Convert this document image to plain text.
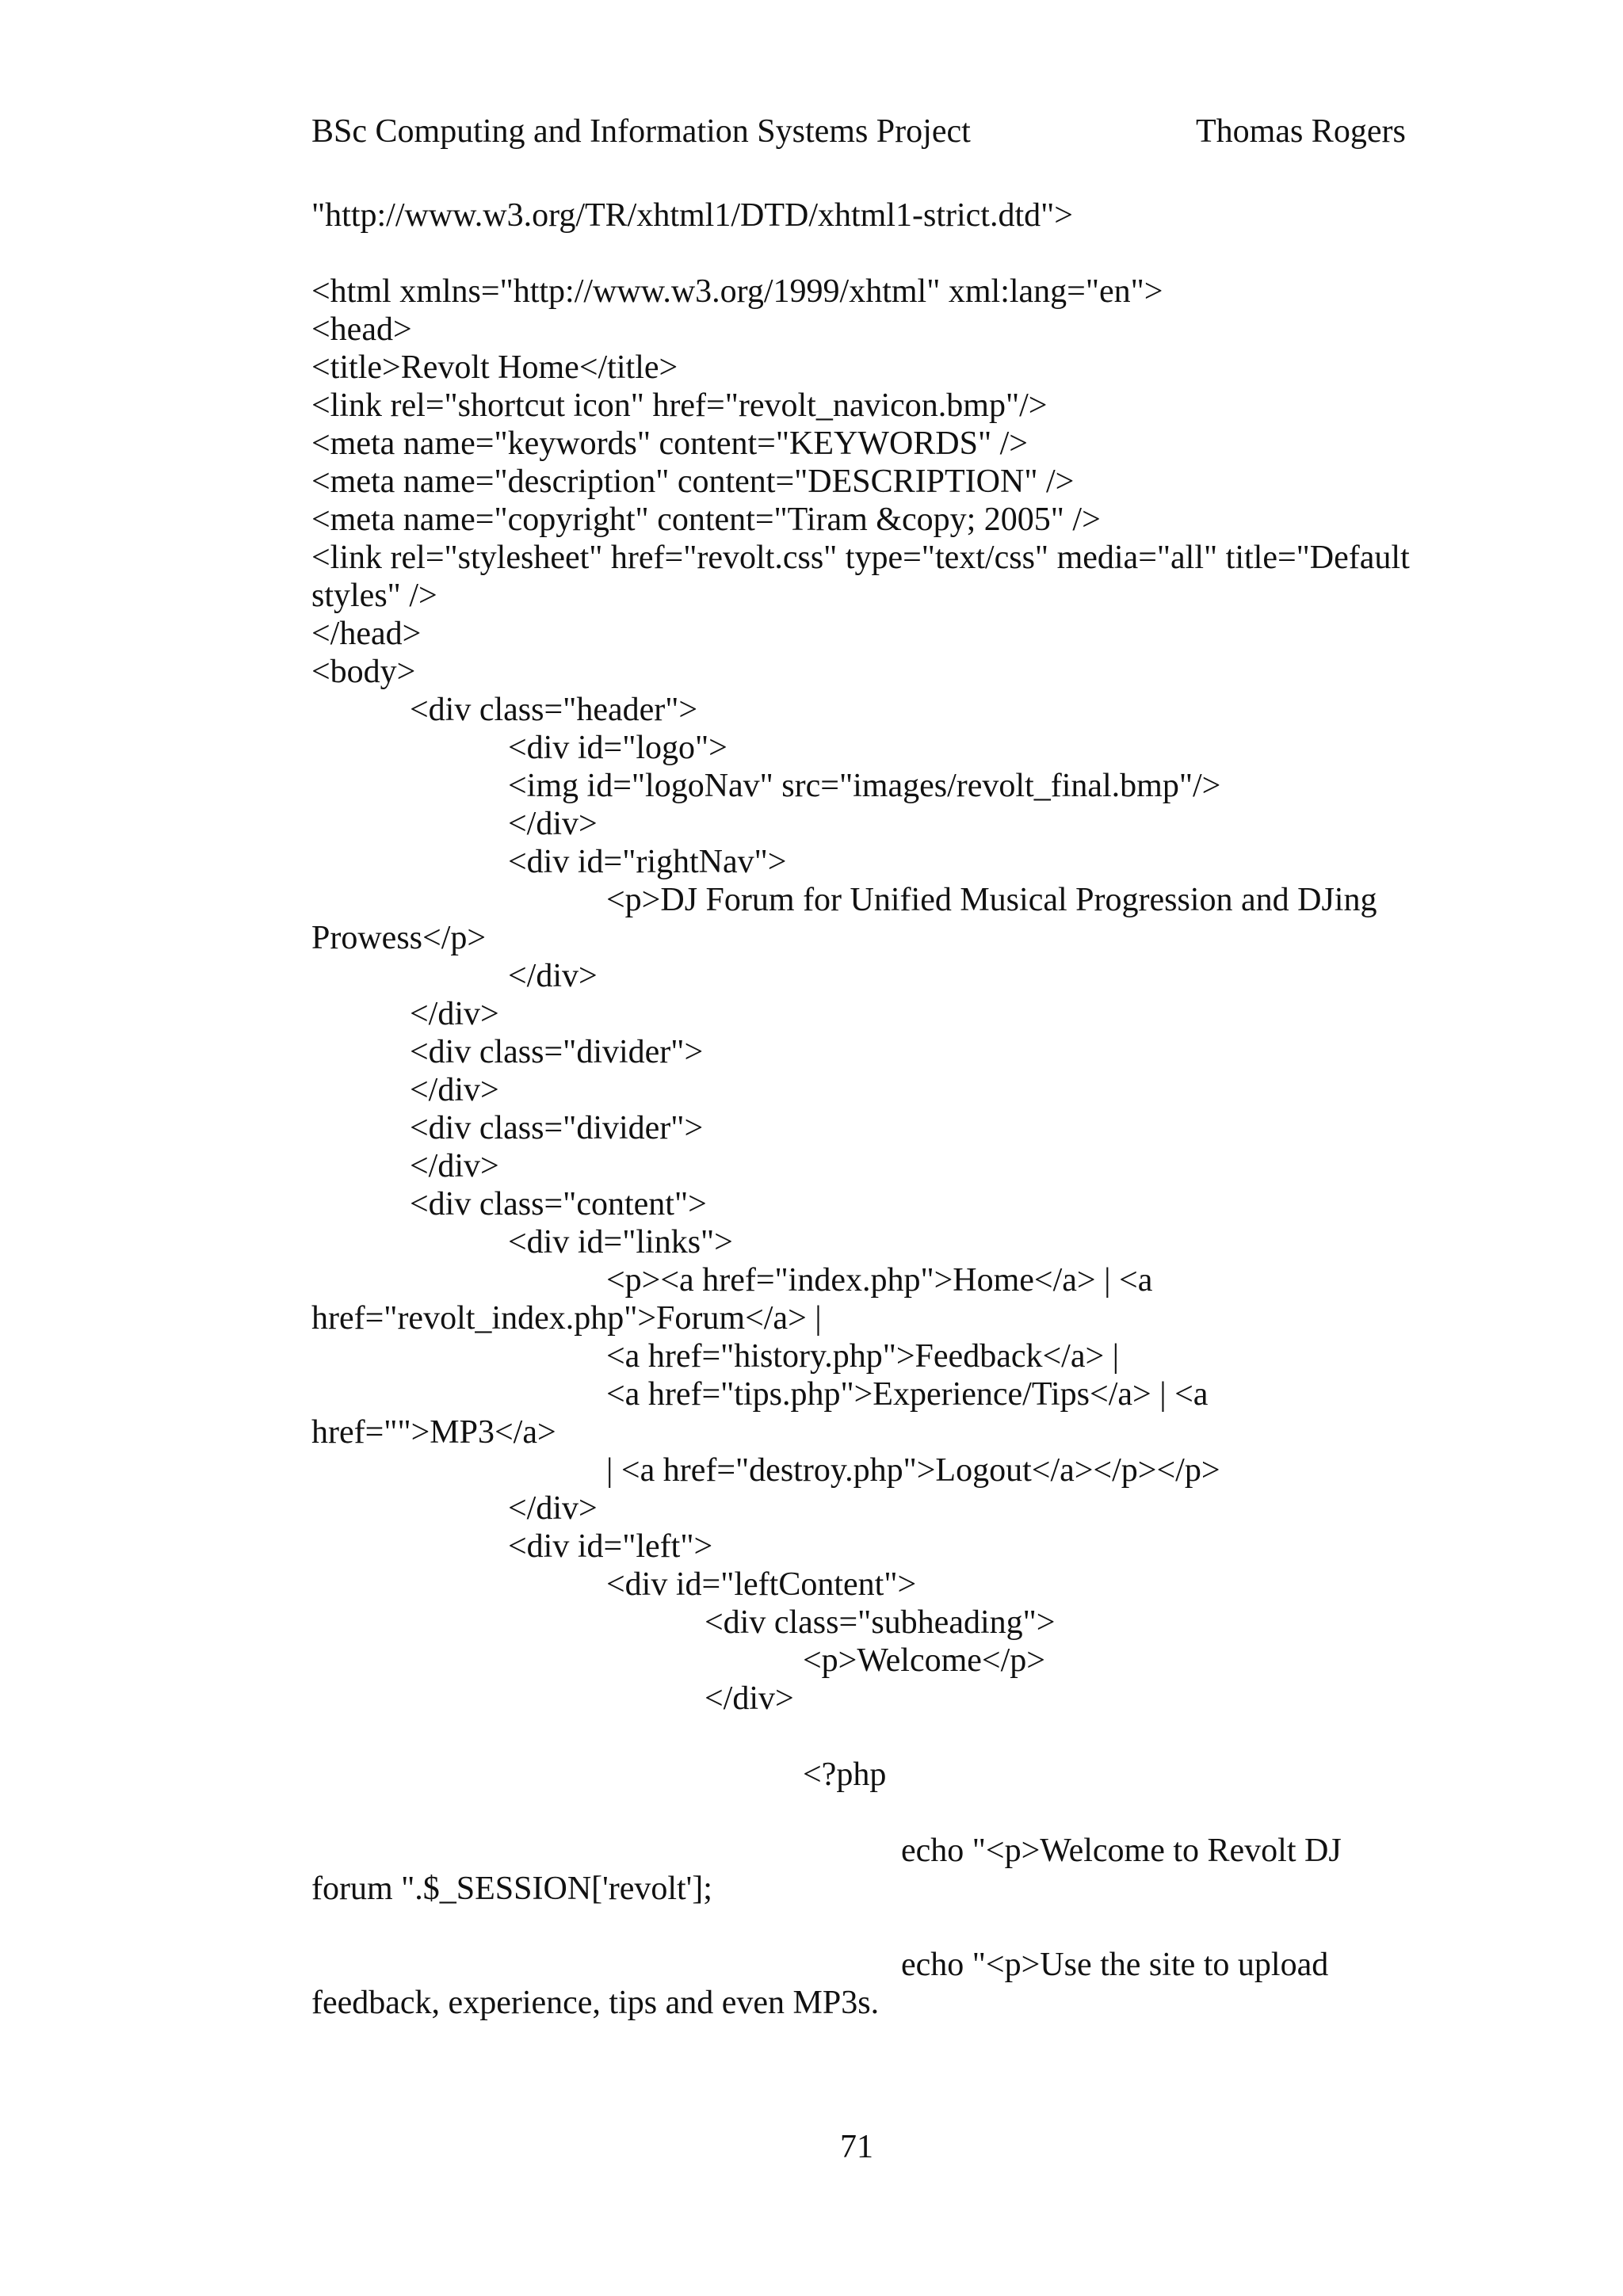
BSc Computing and Information Systems Project	Thomas Rogers
"http://www.w3.org/TR/xhtml1/DTD/xhtml1-strict.dtd">
<html xmlns="http://www.w3.org/1999/xhtml" xml:lang="en">
<head>
<title>Revolt Home</title>
<link rel="shortcut icon" href="revolt_navicon.bmp"/>
<meta name="keywords" content="KEYWORDS" />
<meta name="description" content="DESCRIPTION" />
<meta name="copyright" content="Tiram &copy; 2005" />
<link rel="stylesheet" href="revolt.css" type="text/css" media="all" title="Default
styles" />
</head>
<body>
<div class="header">
<div id="logo">
<img id="logoNav" src="images/revolt_final.bmp"/>
</div>
<div id="rightNav">
<p>DJ Forum for Unified Musical Progression and DJing
Prowess</p>
</div>
</div>
<div class="divider">
</div>
<div class="divider">
</div>
<div class="content">
<div id="links">
<p><a href="index.php">Home</a> | <a
href="revolt_index.php">Forum</a> |
<a href="history.php">Feedback</a> |
<a href="tips.php">Experience/Tips</a> | <a
href="">MP3</a>
| <a href="destroy.php">Logout</a></p></p>
</div>
<div id="left">
<div id="leftContent">
<div class="subheading">
<p>Welcome</p>
</div>
<?php
echo "<p>Welcome to Revolt DJ
forum ".$_SESSION['revolt'];
echo "<p>Use the site to upload
feedback, experience, tips and even MP3s.
71
